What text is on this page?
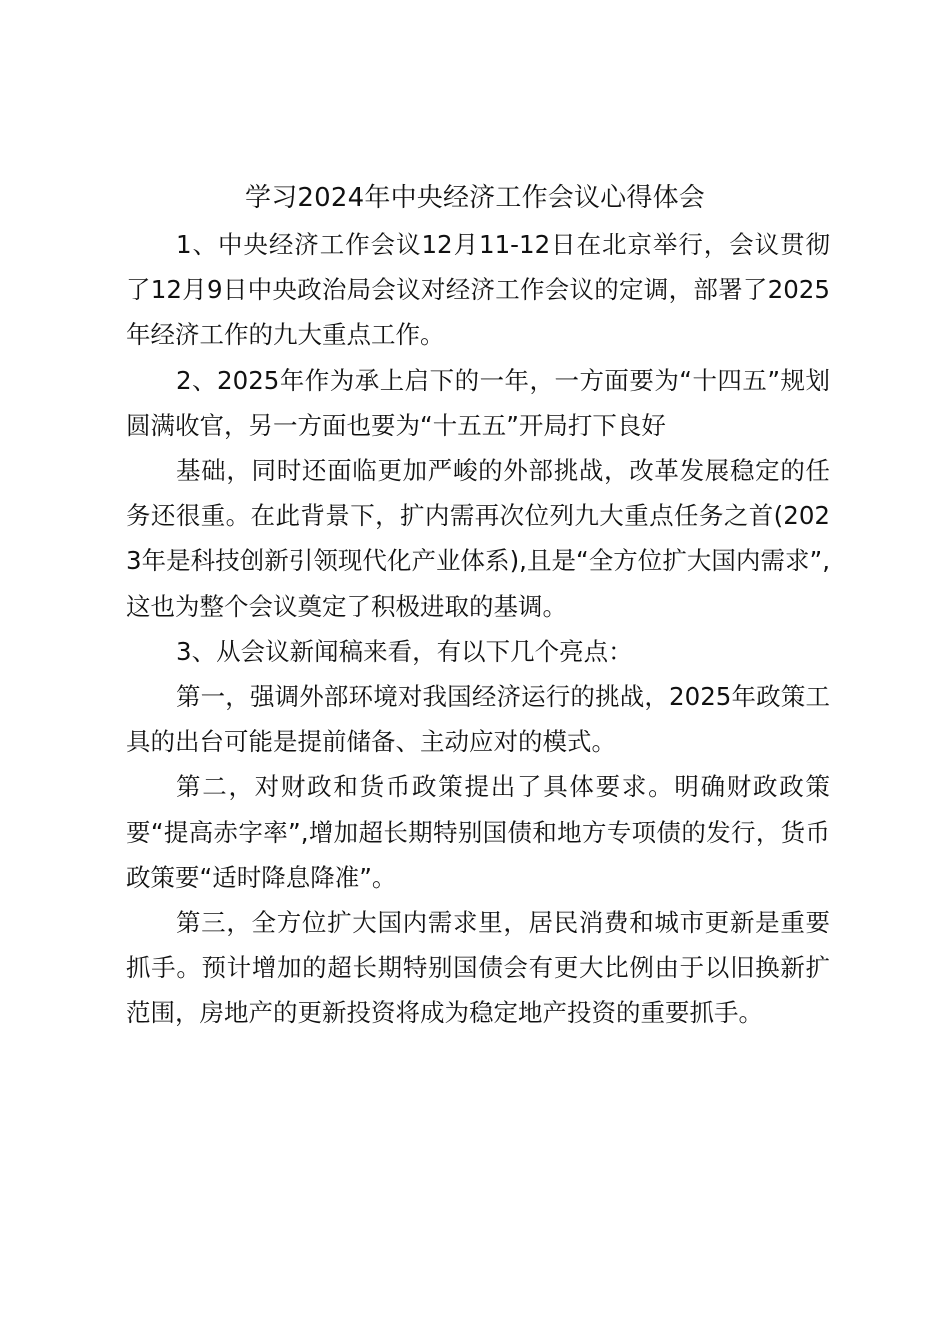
学习2024年中央经济工作会议心得体会

1、中央经济工作会议12月11-12日在北京举行，会议贯彻了12月9日中央政治局会议对经济工作会议的定调，部署了2025年经济工作的九大重点工作。

2、2025年作为承上启下的一年，一方面要为“十四五”规划圆满收官，另一方面也要为“十五五”开局打下良好

基础，同时还面临更加严峻的外部挑战，改革发展稳定的任务还很重。在此背景下，扩内需再次位列九大重点任务之首(2023年是科技创新引领现代化产业体系),且是“全方位扩大国内需求”,这也为整个会议奠定了积极进取的基调。

3、从会议新闻稿来看，有以下几个亮点：

第一，强调外部环境对我国经济运行的挑战，2025年政策工具的出台可能是提前储备、主动应对的模式。

第二，对财政和货币政策提出了具体要求。明确财政政策要“提高赤字率”,增加超长期特别国债和地方专项债的发行，货币政策要“适时降息降准”。

第三，全方位扩大国内需求里，居民消费和城市更新是重要抓手。预计增加的超长期特别国债会有更大比例由于以旧换新扩范围，房地产的更新投资将成为稳定地产投资的重要抓手。
